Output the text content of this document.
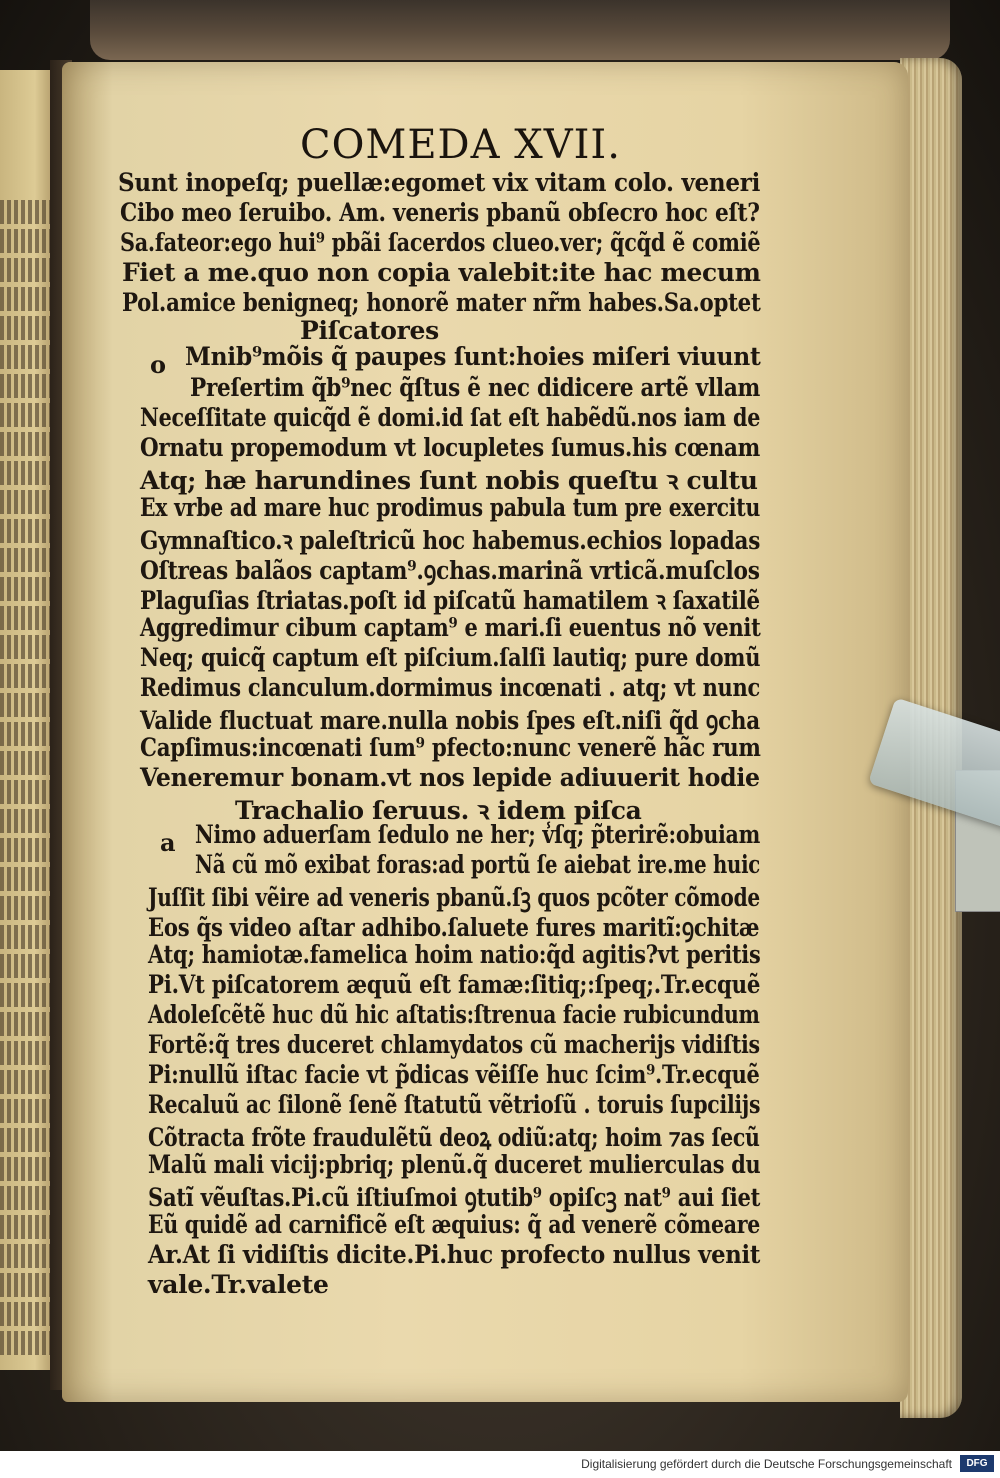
COMEDA XVII.
Sunt inopeſq; puellæ:egomet vix vitam colo. veneri
Cibo meo ſeruibo. Am. veneris pbanũ obſecro hoc eſt?
Sa.fateor:ego hui⁹ pbãi ſacerdos clueo.ver; q̃cq̃d ẽ comiẽ
Fiet a me.quo non copia valebit:ite hac mecum
Pol.amice benigneq; honorẽ mater nr̃m habes.Sa.optet
Piſcatores
o Mnib⁹mõis q̃ paupes ſunt:hoies miſeri viuunt
Preſertim q̃b⁹nec q̃ſtus ẽ nec didicere artẽ vllam
Neceſſitate quicq̃d ẽ domi.id ſat eſt habẽdũ.nos iam de
Ornatu propemodum vt locupletes ſumus.his cœnam
Atq; hæ harundines ſunt nobis queſtu ꝛ cultu
Ex vrbe ad mare huc prodimus pabula tum pre exercitu
Gymnaſtico.ꝛ paleſtricũ hoc habemus.echios lopadas
Oſtreas balãos captam⁹.ꝯchas.marinã vrticã.muſclos
Plaguſias ſtriatas.poſt id piſcatũ hamatilem ꝛ ſaxatilẽ
Aggredimur cibum captam⁹ e mari.ſi euentus nõ venit
Neq; quicq̃ captum eſt piſcium.ſalſi lautiq; pure domũ
Redimus clanculum.dormimus incœnati . atq; vt nunc
Valide fluctuat mare.nulla nobis ſpes eſt.niſi q̃d ꝯcha
Capſimus:incœnati ſum⁹ pfecto:nunc venerẽ hãc rum
Veneremur bonam.vt nos lepide adiuuerit hodie
Trachalio ſeruus. ꝛ idem piſca
a Nimo aduerſam ſedulo ne her; v̾ſq; p̃terirẽ:obuiam
Nã cũ mõ exibat foras:ad portũ ſe aiebat ire.me huic
Juſſit ſibi vẽire ad veneris pbanũ.ſꝫ quos pcõter cõmode
Eos q̃s video aſtar adhibo.ſaluete fures maritĩ:ꝯchitæ
Atq; hamiotæ.famelica hoim natio:q̃d agitis?vt peritis
Pi.Vt piſcatorem æquũ eſt famæ:ſitiq;:ſpeq;.Tr.ecquẽ
Adoleſcẽtẽ huc dũ hic aſtatis:ſtrenua facie rubicundum
Fortẽ:q̃ tres duceret chlamydatos cũ macherijs vidiſtis
Pi:nullũ iſtac facie vt p̃dicas vẽiſſe huc ſcim⁹.Tr.ecquẽ
Recaluũ ac ſilonẽ ſenẽ ſtatutũ vẽtrioſũ . toruis ſupcilijs
Cõtracta frõte fraudulẽtũ deoꝝ odiũ:atq; hoim ⁊as ſecũ
Malũ mali vicij:pbriq; plenũ.q̃ duceret mulierculas du
Satĩ vẽuſtas.Pi.cũ iſtiuſmoi ꝯtutib⁹ opiſcꝫ nat⁹ aui ſiet
Eũ quidẽ ad carnificẽ eſt æquius: q̃ ad venerẽ cõmeare
Ar.At ſi vidiſtis dicite.Pi.huc profecto nullus venit
vale.Tr.valete
Digitalisierung gefördert durch die Deutsche Forschungsgemeinschaft	DFG
